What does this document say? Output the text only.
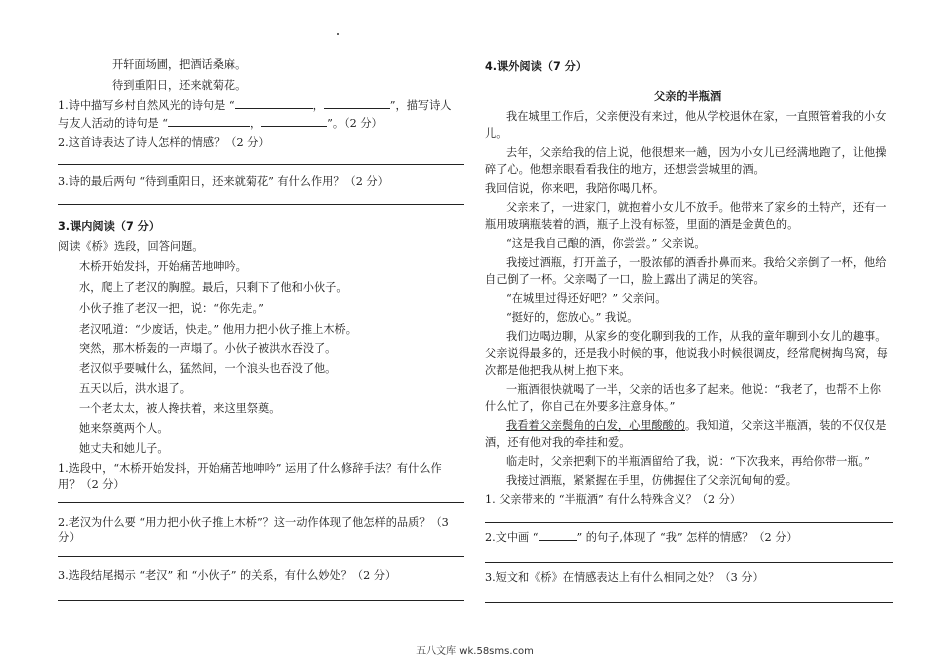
开轩面场圃，把酒话桑麻。
待到重阳日，还来就菊花。
1.诗中描写乡村自然风光的诗句是 “	，	”，描写诗人
与友人活动的诗句是 “	，	”。（2 分）
2.这首诗表达了诗人怎样的情感？（2 分）
3.诗的最后两句 “待到重阳日，还来就菊花” 有什么作用？（2 分）
3.课内阅读（7 分）
阅读《桥》选段，回答问题。
木桥开始发抖，开始痛苦地呻吟。
水，爬上了老汉的胸膛。最后，只剩下了他和小伙子。
小伙子推了老汉一把，说：“你先走。”
老汉吼道：“少废话，快走。” 他用力把小伙子推上木桥。
突然，那木桥轰的一声塌了。小伙子被洪水吞没了。
老汉似乎要喊什么，猛然间，一个浪头也吞没了他。
五天以后，洪水退了。
一个老太太，被人搀扶着，来这里祭奠。
她来祭奠两个人。
她丈夫和她儿子。
1.选段中，“木桥开始发抖，开始痛苦地呻吟” 运用了什么修辞手法？有什么作
用？（2 分）
2.老汉为什么要 “用力把小伙子推上木桥”？这一动作体现了他怎样的品质？（3
分）
3.选段结尾揭示 “老汉” 和 “小伙子” 的关系，有什么妙处？（2 分）
4.课外阅读（7 分）
父亲的半瓶酒
我在城里工作后，父亲便没有来过，他从学校退休在家，一直照管着我的小女
儿。
去年，父亲给我的信上说，他很想来一趟，因为小女儿已经满地跑了，让他操
碎了心。他想亲眼看看我住的地方，还想尝尝城里的酒。
我回信说，你来吧，我陪你喝几杯。
父亲来了，一进家门，就抱着小女儿不放手。他带来了家乡的土特产，还有一
瓶用玻璃瓶装着的酒，瓶子上没有标签，里面的酒是金黄色的。
“这是我自己酿的酒，你尝尝。” 父亲说。
我接过酒瓶，打开盖子，一股浓郁的酒香扑鼻而来。我给父亲倒了一杯，他给
自己倒了一杯。父亲喝了一口，脸上露出了满足的笑容。
“在城里过得还好吧？” 父亲问。
“挺好的，您放心。” 我说。
我们边喝边聊，从家乡的变化聊到我的工作，从我的童年聊到小女儿的趣事。
父亲说得最多的，还是我小时候的事，他说我小时候很调皮，经常爬树掏鸟窝，每
次都是他把我从树上抱下来。
一瓶酒很快就喝了一半，父亲的话也多了起来。他说：“我老了，也帮不上你
什么忙了，你自己在外要多注意身体。”
我看着父亲鬓角的白发，心里酸酸的。我知道，父亲这半瓶酒，装的不仅仅是
酒，还有他对我的牵挂和爱。
临走时，父亲把剩下的半瓶酒留给了我，说：“下次我来，再给你带一瓶。”
我接过酒瓶，紧紧握在手里，仿佛握住了父亲沉甸甸的爱。
1. 父亲带来的 “半瓶酒” 有什么特殊含义？（2 分）
2.文中画 “	” 的句子,体现了 “我” 怎样的情感？（2 分）
3.短文和《桥》在情感表达上有什么相同之处？（3 分）
五八文库 wk.58sms.com
